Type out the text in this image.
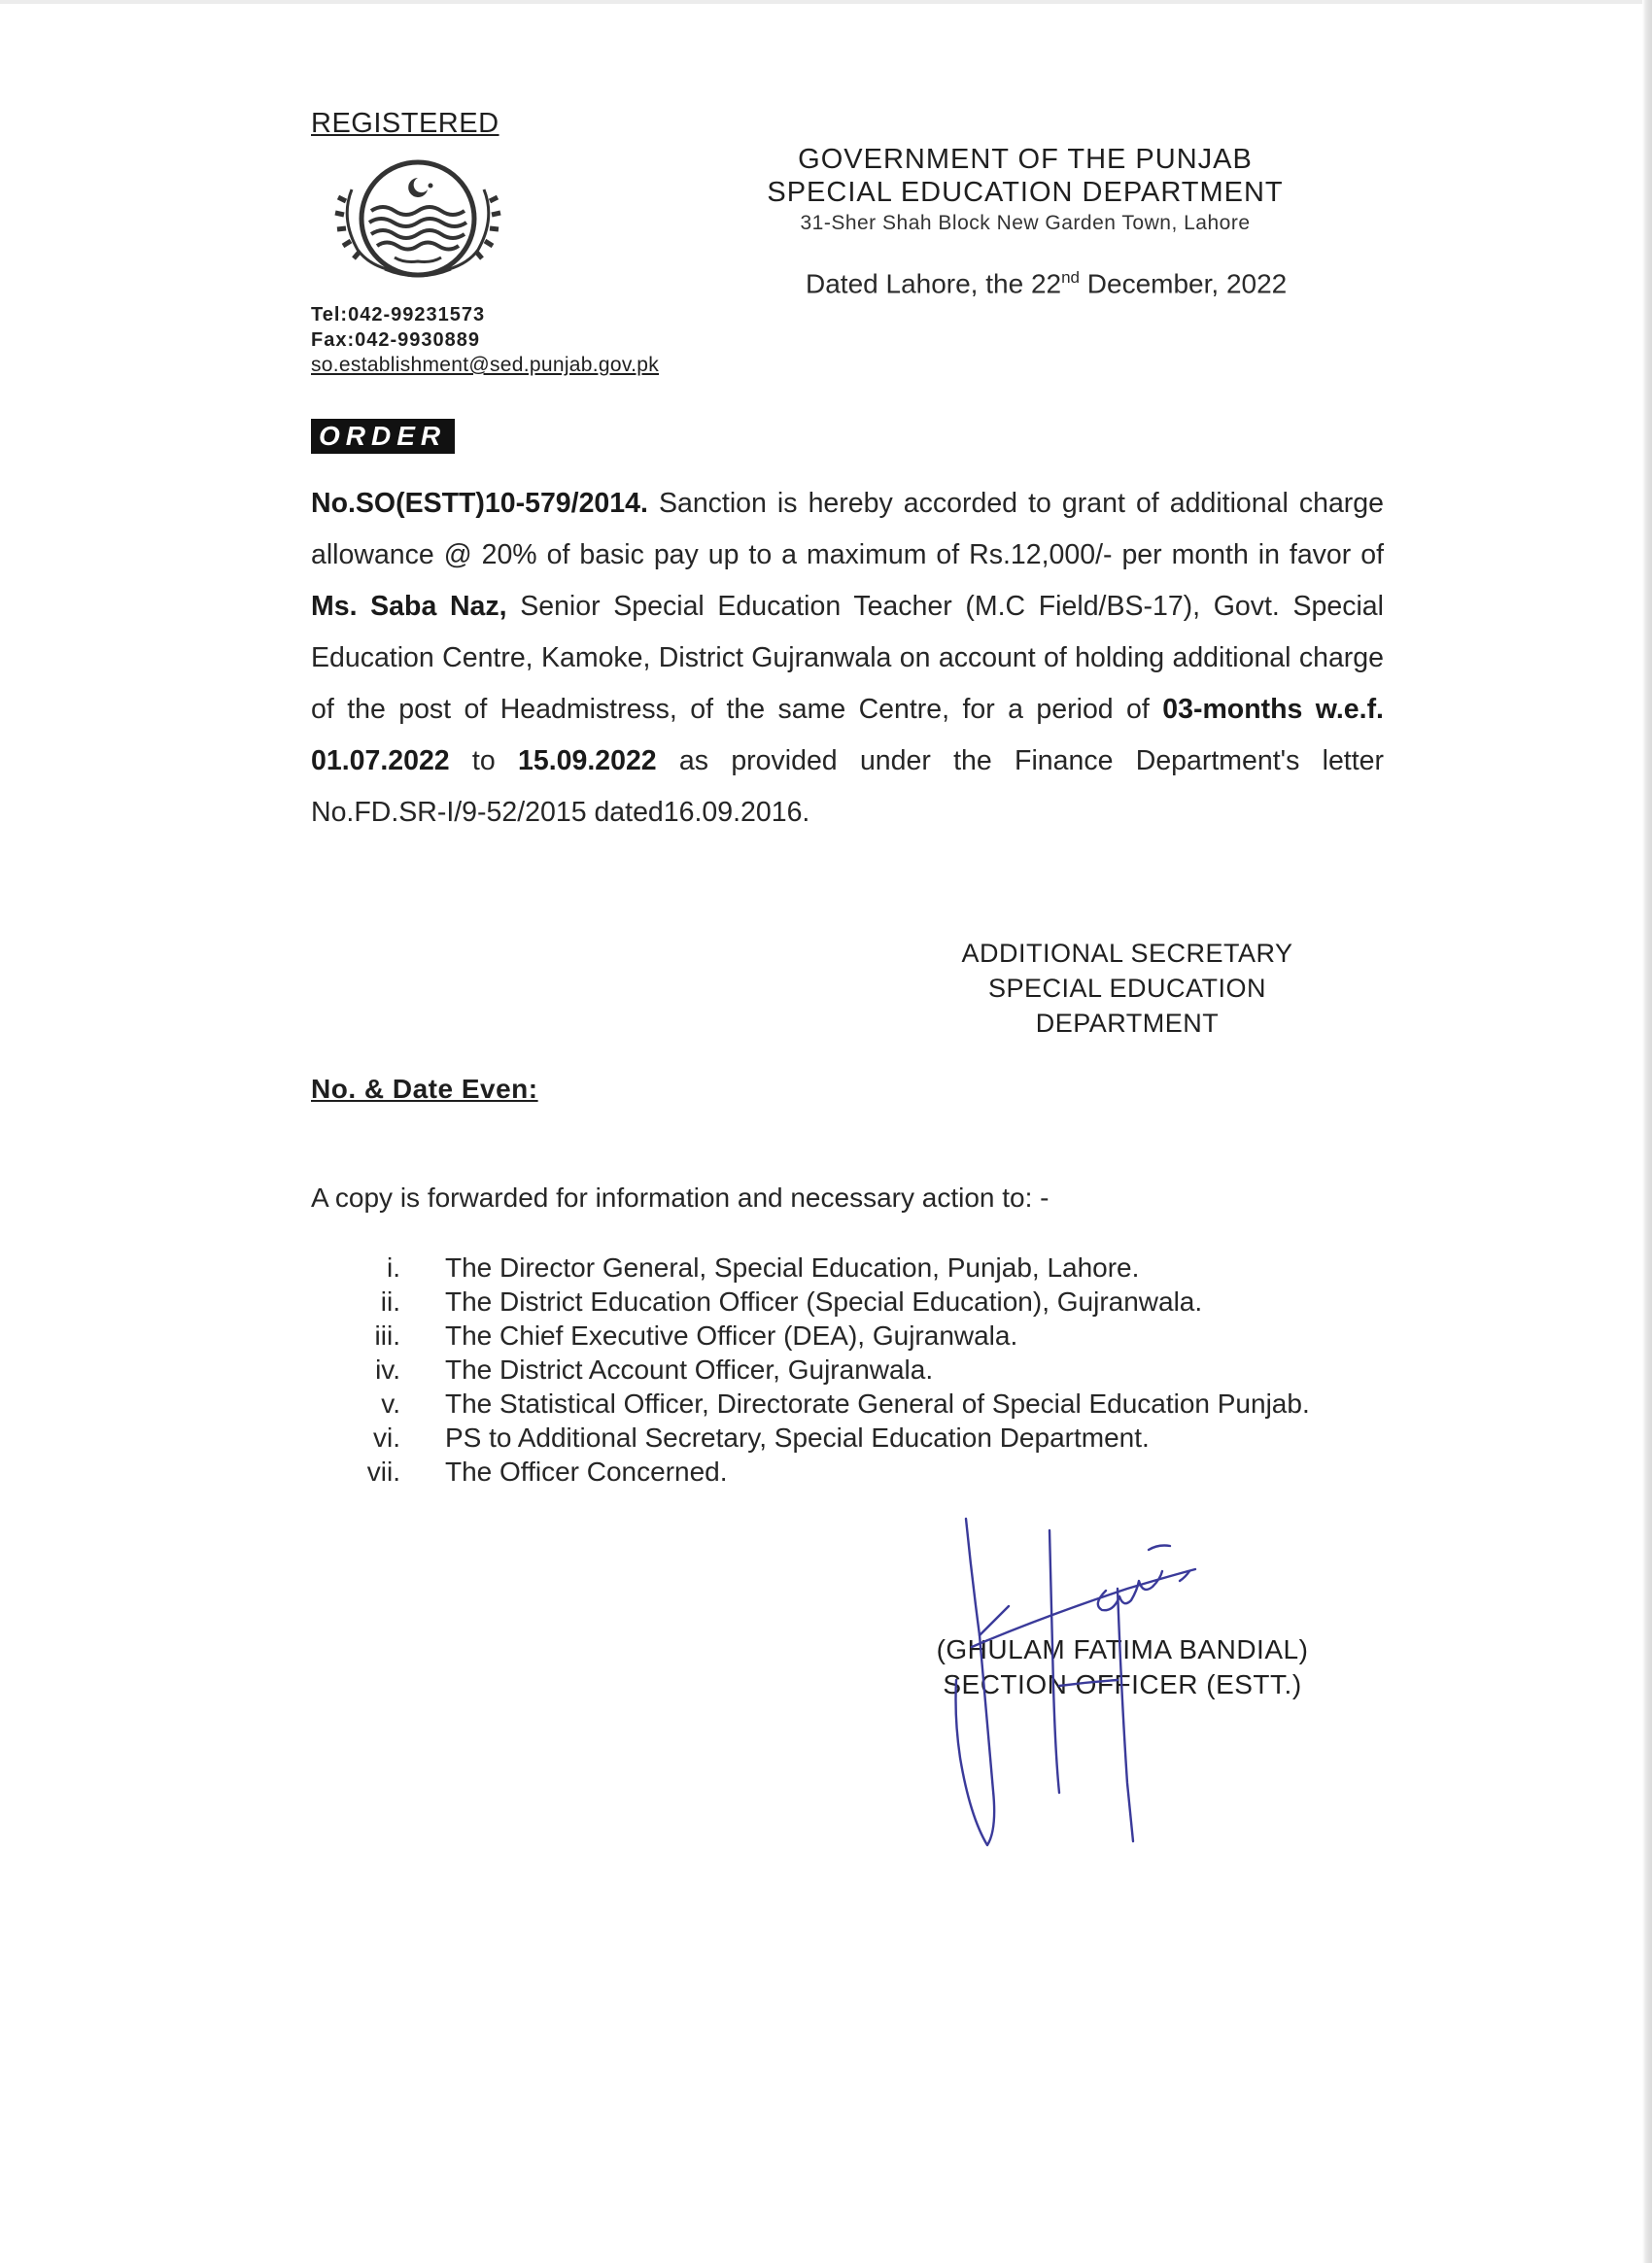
REGISTERED
Tel:042-99231573
Fax:042-9930889
so.establishment@sed.punjab.gov.pk
GOVERNMENT OF THE PUNJAB
SPECIAL EDUCATION DEPARTMENT
31-Sher Shah Block New Garden Town, Lahore
Dated Lahore, the 22nd December, 2022
ORDER
No.SO(ESTT)10-579/2014. Sanction is hereby accorded to grant of additional charge allowance @ 20% of basic pay up to a maximum of Rs.12,000/- per month in favor of Ms. Saba Naz, Senior Special Education Teacher (M.C Field/BS-17), Govt. Special Education Centre, Kamoke, District Gujranwala on account of holding additional charge of the post of Headmistress, of the same Centre, for a period of 03-months w.e.f. 01.07.2022 to 15.09.2022 as provided under the Finance Department's letter No.FD.SR-I/9-52/2015 dated16.09.2016.
ADDITIONAL SECRETARY
SPECIAL EDUCATION
DEPARTMENT
No. & Date Even:
A copy is forwarded for information and necessary action to: -
i. The Director General, Special Education, Punjab, Lahore.
ii. The District Education Officer (Special Education), Gujranwala.
iii. The Chief Executive Officer (DEA), Gujranwala.
iv. The District Account Officer, Gujranwala.
v. The Statistical Officer, Directorate General of Special Education Punjab.
vi. PS to Additional Secretary, Special Education Department.
vii. The Officer Concerned.
(GHULAM FATIMA BANDIAL)
SECTION OFFICER (ESTT.)
